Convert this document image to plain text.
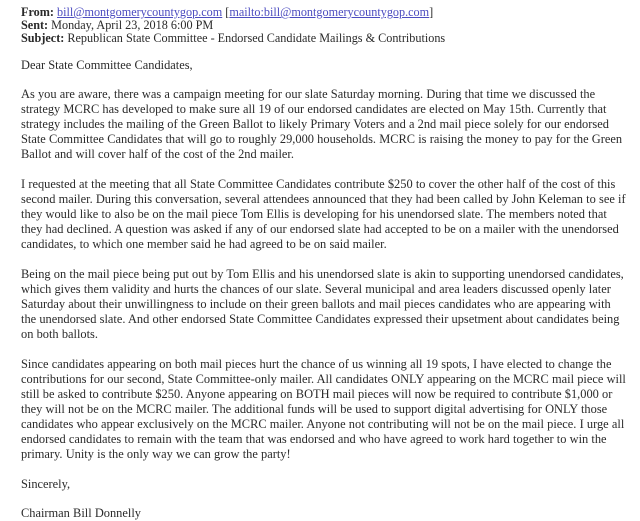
From: bill@montgomerycountygop.com [mailto:bill@montgomerycountygop.com]
Sent: Monday, April 23, 2018 6:00 PM
Subject: Republican State Committee - Endorsed Candidate Mailings & Contributions

Dear State Committee Candidates,

As you are aware, there was a campaign meeting for our slate Saturday morning. During that time we discussed the strategy MCRC has developed to make sure all 19 of our endorsed candidates are elected on May 15th. Currently that strategy includes the mailing of the Green Ballot to likely Primary Voters and a 2nd mail piece solely for our endorsed State Committee Candidates that will go to roughly 29,000 households. MCRC is raising the money to pay for the Green Ballot and will cover half of the cost of the 2nd mailer.

I requested at the meeting that all State Committee Candidates contribute $250 to cover the other half of the cost of this second mailer. During this conversation, several attendees announced that they had been called by John Keleman to see if they would like to also be on the mail piece Tom Ellis is developing for his unendorsed slate. The members noted that they had declined. A question was asked if any of our endorsed slate had accepted to be on a mailer with the unendorsed candidates, to which one member said he had agreed to be on said mailer.

Being on the mail piece being put out by Tom Ellis and his unendorsed slate is akin to supporting unendorsed candidates, which gives them validity and hurts the chances of our slate. Several municipal and area leaders discussed openly later Saturday about their unwillingness to include on their green ballots and mail pieces candidates who are appearing with the unendorsed slate. And other endorsed State Committee Candidates expressed their upsetment about candidates being on both ballots.

Since candidates appearing on both mail pieces hurt the chance of us winning all 19 spots, I have elected to change the contributions for our second, State Committee-only mailer. All candidates ONLY appearing on the MCRC mail piece will still be asked to contribute $250. Anyone appearing on BOTH mail pieces will now be required to contribute $1,000 or they will not be on the MCRC mailer. The additional funds will be used to support digital advertising for ONLY those candidates who appear exclusively on the MCRC mailer. Anyone not contributing will not be on the mail piece. I urge all endorsed candidates to remain with the team that was endorsed and who have agreed to work hard together to win the primary. Unity is the only way we can grow the party!

Sincerely,

Chairman Bill Donnelly
